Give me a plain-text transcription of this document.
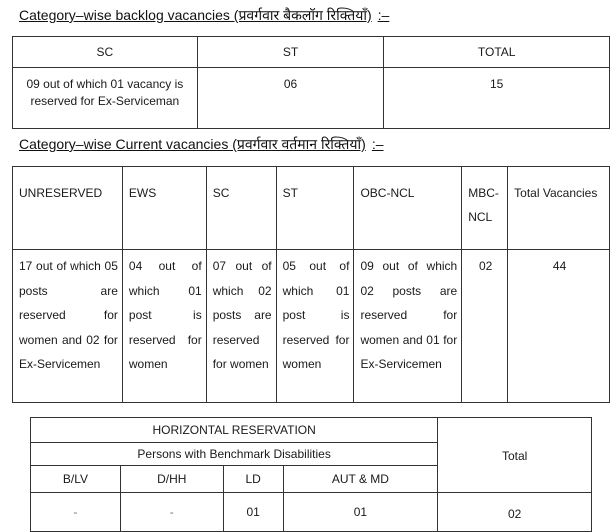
Category–wise backlog vacancies (प्रवर्गवार बैकलॉग रिक्तियाँ) :–
SC	ST	TOTAL
09 out of which 01 vacancy is reserved for Ex-Serviceman	06	15
Category–wise Current vacancies (प्रवर्गवार वर्तमान रिक्तियाँ) :–
UNRESERVED	EWS	SC	ST	OBC-NCL	MBC-NCL	Total Vacancies
17 out of which 05 posts are reserved for women and 02 for Ex-Servicemen	04 out of which 01 post is reserved for women	07 out of which 02 posts are reserved for women	05 out of which 01 post is reserved for women	09 out of which 02 posts are reserved for women and 01 for Ex-Servicemen	02	44
HORIZONTAL RESERVATION				Total
Persons with Benchmark Disabilities				
B/LV	D/HH	LD	AUT & MD	
-	-	01	01	02
